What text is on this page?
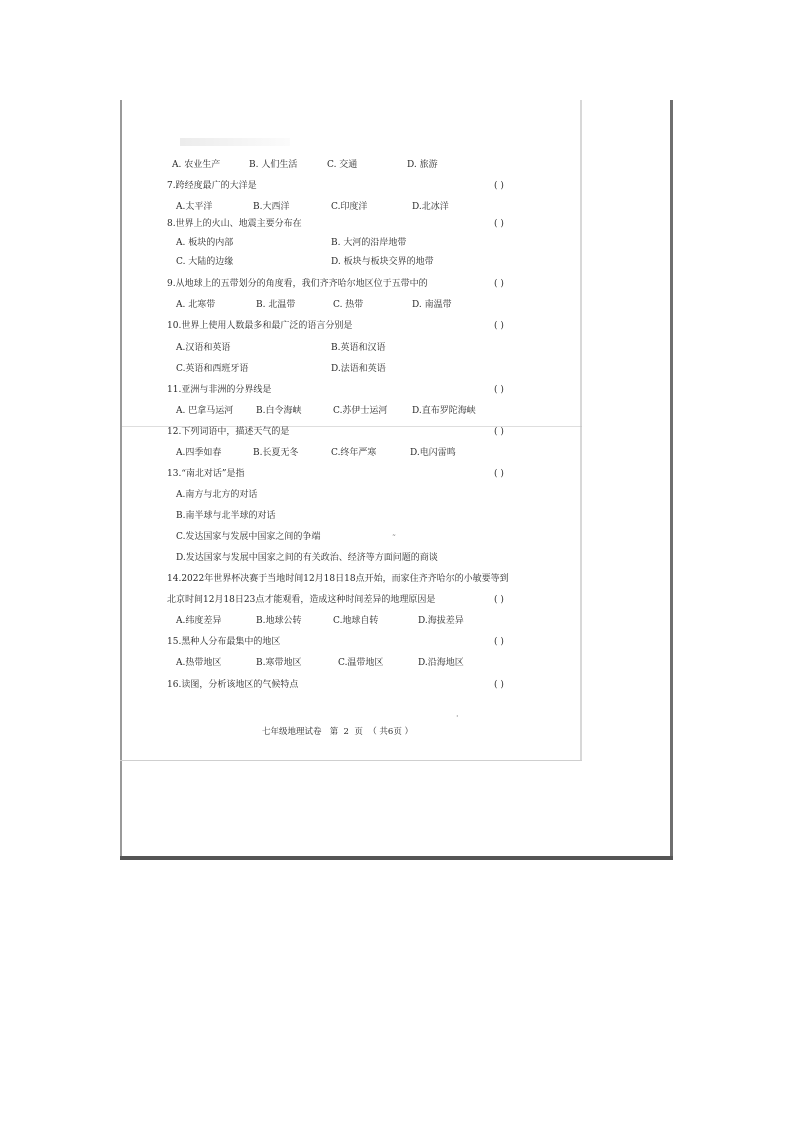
A. 农业生产	B. 人们生活	C. 交通	D. 旅游
7.跨经度最广的大洋是	( )
A.太平洋	B.大西洋	C.印度洋	D.北冰洋
8.世界上的火山、地震主要分布在	( )
A. 板块的内部	B. 大河的沿岸地带
C. 大陆的边缘	D. 板块与板块交界的地带
9.从地球上的五带划分的角度看，我们齐齐哈尔地区位于五带中的	( )
A. 北寒带	B. 北温带	C. 热带	D. 南温带
10.世界上使用人数最多和最广泛的语言分别是	( )
A.汉语和英语	B.英语和汉语
C.英语和西班牙语	D.法语和英语
11.亚洲与非洲的分界线是	( )
A. 巴拿马运河	B.白令海峡	C.苏伊士运河	D.直布罗陀海峡
12.下列词语中，描述天气的是	( )
A.四季如春	B.长夏无冬	C.终年严寒	D.电闪雷鸣
13.“南北对话”是指	( )
A.南方与北方的对话
B.南半球与北半球的对话
C.发达国家与发展中国家之间的争端
D.发达国家与发展中国家之间的有关政治、经济等方面问题的商谈
14.2022年世界杯决赛于当地时间12月18日18点开始，而家住齐齐哈尔的小敏要等到
北京时间12月18日23点才能观看，造成这种时间差异的地理原因是	( )
A.纬度差异	B.地球公转	C.地球自转	D.海拔差异
15.黑种人分布最集中的地区	( )
A.热带地区	B.寒带地区	C.温带地区	D.沿海地区
16.读图，分析该地区的气候特点	( )
七年级地理试卷   第  2  页  （ 共6页 ）
˜
·
